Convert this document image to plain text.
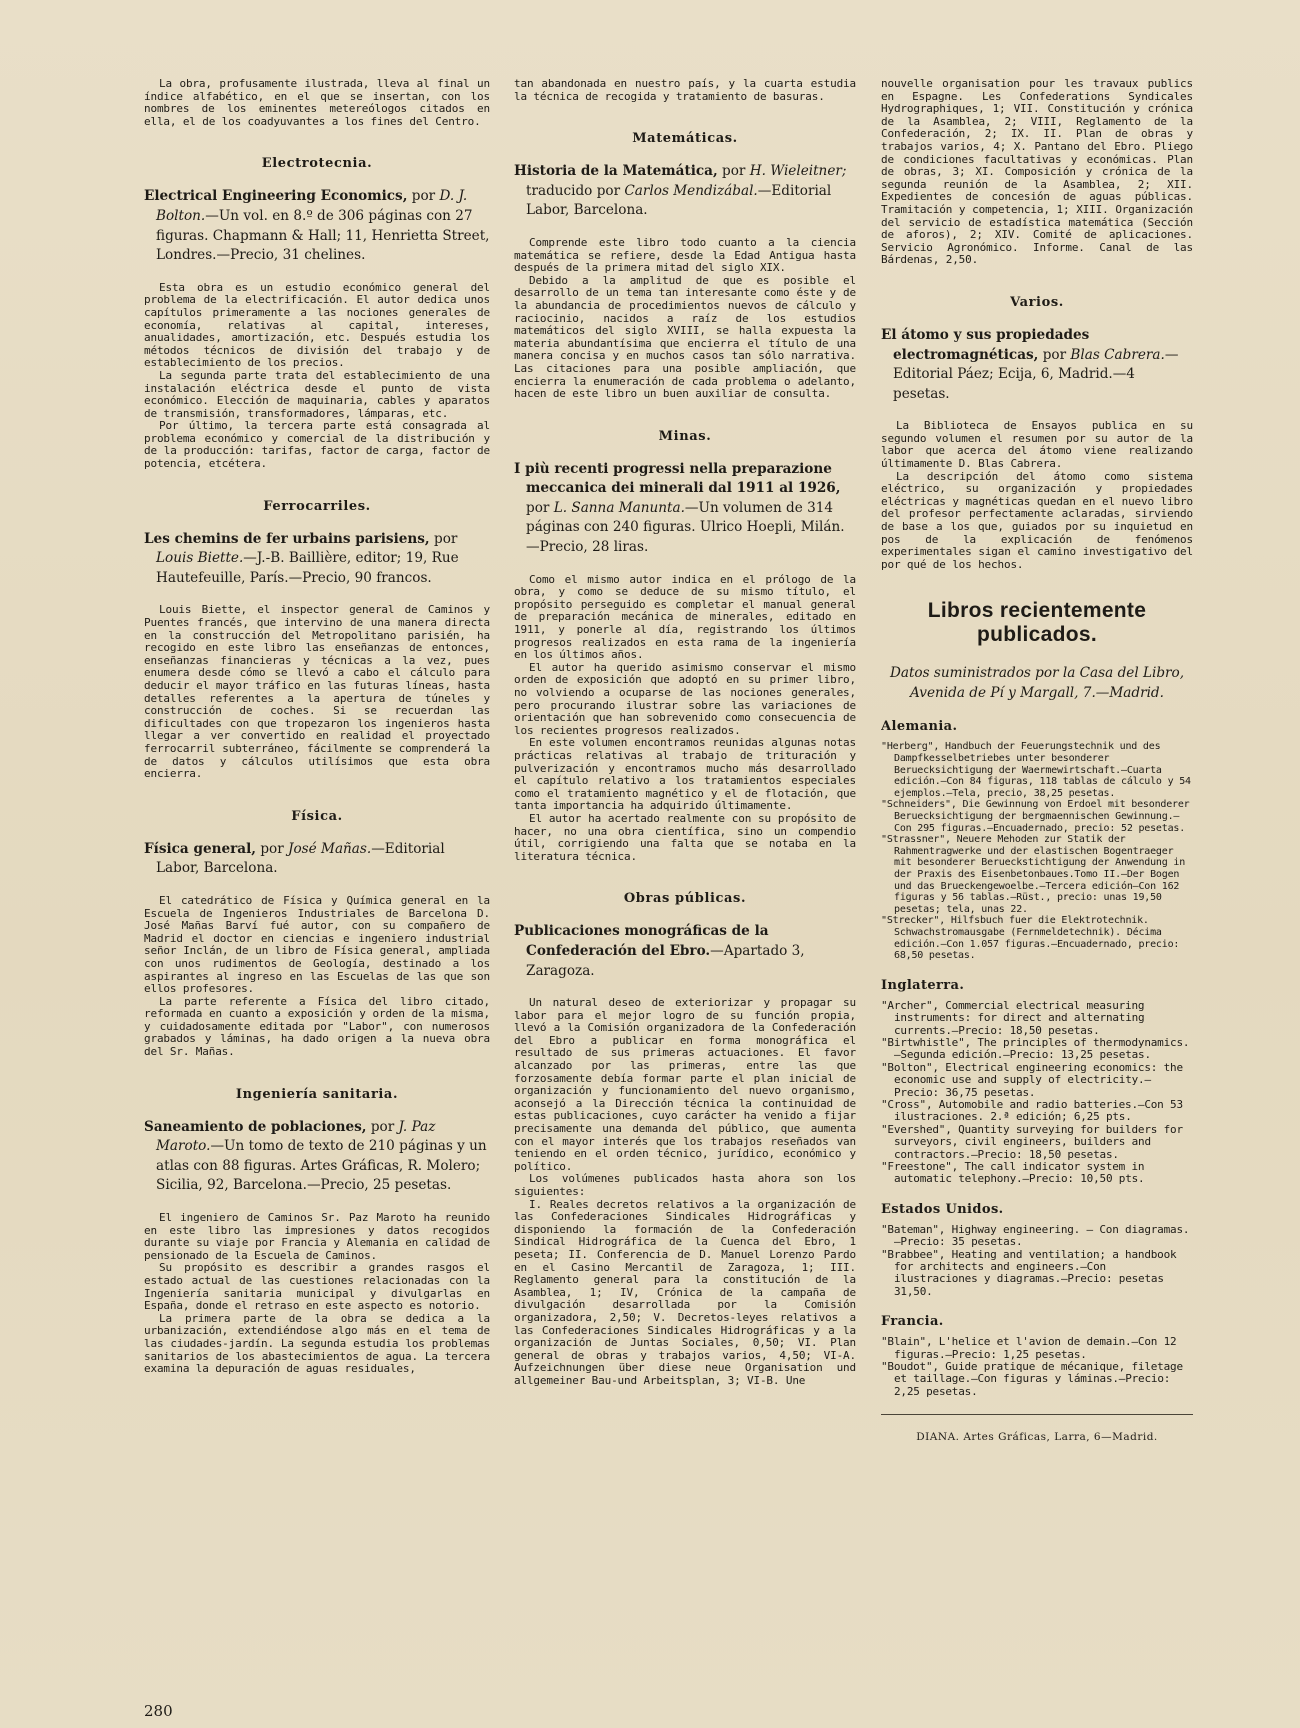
La obra, profusamente ilustrada, lleva al final un índice alfabético, en el que se insertan, con los nombres de los eminentes metereólogos citados en ella, el de los coadyuvantes a los fines del Centro.

Electrotecnia.

Electrical Engineering Economics, por D. J. Bolton.—Un vol. en 8.º de 306 páginas con 27 figuras. Chapmann & Hall; 11, Henrietta Street, Londres.—Precio, 31 chelines.

Esta obra es un estudio económico general del problema de la electrificación. El autor dedica unos capítulos primeramente a las nociones generales de economía, relativas al capital, intereses, anualidades, amortización, etc. Después estudia los métodos técnicos de división del trabajo y de establecimiento de los precios.

La segunda parte trata del establecimiento de una instalación eléctrica desde el punto de vista económico. Elección de maquinaria, cables y aparatos de transmisión, transformadores, lámparas, etc.

Por último, la tercera parte está consagrada al problema económico y comercial de la distribución y de la producción: tarifas, factor de carga, factor de potencia, etcétera.

Ferrocarriles.

Les chemins de fer urbains parisiens, por Louis Biette.—J.-B. Baillière, editor; 19, Rue Hautefeuille, París.—Precio, 90 francos.

Louis Biette, el inspector general de Caminos y Puentes francés, que intervino de una manera directa en la construcción del Metropolitano parisién, ha recogido en este libro las enseñanzas de entonces, enseñanzas financieras y técnicas a la vez, pues enumera desde cómo se llevó a cabo el cálculo para deducir el mayor tráfico en las futuras líneas, hasta detalles referentes a la apertura de túneles y construcción de coches. Si se recuerdan las dificultades con que tropezaron los ingenieros hasta llegar a ver convertido en realidad el proyectado ferrocarril subterráneo, fácilmente se comprenderá la de datos y cálculos utilísimos que esta obra encierra.

Física.

Física general, por José Mañas.—Editorial Labor, Barcelona.

El catedrático de Física y Química general en la Escuela de Ingenieros Industriales de Barcelona D. José Mañas Barví fué autor, con su compañero de Madrid el doctor en ciencias e ingeniero industrial señor Inclán, de un libro de Física general, ampliada con unos rudimentos de Geología, destinado a los aspirantes al ingreso en las Escuelas de las que son ellos profesores.

La parte referente a Física del libro citado, reformada en cuanto a exposición y orden de la misma, y cuidadosamente editada por "Labor", con numerosos grabados y láminas, ha dado origen a la nueva obra del Sr. Mañas.

Ingeniería sanitaria.

Saneamiento de poblaciones, por J. Paz Maroto.—Un tomo de texto de 210 páginas y un atlas con 88 figuras. Artes Gráficas, R. Molero; Sicilia, 92, Barcelona.—Precio, 25 pesetas.

El ingeniero de Caminos Sr. Paz Maroto ha reunido en este libro las impresiones y datos recogidos durante su viaje por Francia y Alemania en calidad de pensionado de la Escuela de Caminos.

Su propósito es describir a grandes rasgos el estado actual de las cuestiones relacionadas con la Ingeniería sanitaria municipal y divulgarlas en España, donde el retraso en este aspecto es notorio.

La primera parte de la obra se dedica a la urbanización, extendiéndose algo más en el tema de las ciudades-jardín. La segunda estudia los problemas sanitarios de los abastecimientos de agua. La tercera examina la depuración de aguas residuales,

tan abandonada en nuestro país, y la cuarta estudia la técnica de recogida y tratamiento de basuras.

Matemáticas.

Historia de la Matemática, por H. Wieleitner; traducido por Carlos Mendizábal.—Editorial Labor, Barcelona.

Comprende este libro todo cuanto a la ciencia matemática se refiere, desde la Edad Antigua hasta después de la primera mitad del siglo XIX.

Debido a la amplitud de que es posible el desarrollo de un tema tan interesante como éste y de la abundancia de procedimientos nuevos de cálculo y raciocinio, nacidos a raíz de los estudios matemáticos del siglo XVIII, se halla expuesta la materia abundantísima que encierra el título de una manera concisa y en muchos casos tan sólo narrativa. Las citaciones para una posible ampliación, que encierra la enumeración de cada problema o adelanto, hacen de este libro un buen auxiliar de consulta.

Minas.

I più recenti progressi nella preparazione meccanica dei minerali dal 1911 al 1926, por L. Sanna Manunta.—Un volumen de 314 páginas con 240 figuras. Ulrico Hoepli, Milán.—Precio, 28 liras.

Como el mismo autor indica en el prólogo de la obra, y como se deduce de su mismo título, el propósito perseguido es completar el manual general de preparación mecánica de minerales, editado en 1911, y ponerle al día, registrando los últimos progresos realizados en esta rama de la ingeniería en los últimos años.

El autor ha querido asimismo conservar el mismo orden de exposición que adoptó en su primer libro, no volviendo a ocuparse de las nociones generales, pero procurando ilustrar sobre las variaciones de orientación que han sobrevenido como consecuencia de los recientes progresos realizados.

En este volumen encontramos reunidas algunas notas prácticas relativas al trabajo de trituración y pulverización y encontramos mucho más desarrollado el capítulo relativo a los tratamientos especiales como el tratamiento magnético y el de flotación, que tanta importancia ha adquirido últimamente.

El autor ha acertado realmente con su propósito de hacer, no una obra científica, sino un compendio útil, corrigiendo una falta que se notaba en la literatura técnica.

Obras públicas.

Publicaciones monográficas de la Confederación del Ebro.—Apartado 3, Zaragoza.

Un natural deseo de exteriorizar y propagar su labor para el mejor logro de su función propia, llevó a la Comisión organizadora de la Confederación del Ebro a publicar en forma monográfica el resultado de sus primeras actuaciones. El favor alcanzado por las primeras, entre las que forzosamente debía formar parte el plan inicial de organización y funcionamiento del nuevo organismo, aconsejó a la Dirección técnica la continuidad de estas publicaciones, cuyo carácter ha venido a fijar precisamente una demanda del público, que aumenta con el mayor interés que los trabajos reseñados van teniendo en el orden técnico, jurídico, económico y político.

Los volúmenes publicados hasta ahora son los siguientes:

I. Reales decretos relativos a la organización de las Confederaciones Sindicales Hidrográficas y disponiendo la formación de la Confederación Sindical Hidrográfica de la Cuenca del Ebro, 1 peseta; II. Conferencia de D. Manuel Lorenzo Pardo en el Casino Mercantil de Zaragoza, 1; III. Reglamento general para la constitución de la Asamblea, 1; IV, Crónica de la campaña de divulgación desarrollada por la Comisión organizadora, 2,50; V. Decretos-leyes relativos a las Confederaciones Sindicales Hidrográficas y a la organización de Juntas Sociales, 0,50; VI. Plan general de obras y trabajos varios, 4,50; VI-A. Aufzeichnungen über diese neue Organisation und allgemeiner Bau-und Arbeitsplan, 3; VI-B. Une

nouvelle organisation pour les travaux publics en Espagne. Les Confederations Syndicales Hydrographiques, 1; VII. Constitución y crónica de la Asamblea, 2; VIII, Reglamento de la Confederación, 2; IX. II. Plan de obras y trabajos varios, 4; X. Pantano del Ebro. Pliego de condiciones facultativas y económicas. Plan de obras, 3; XI. Composición y crónica de la segunda reunión de la Asamblea, 2; XII. Expedientes de concesión de aguas públicas. Tramitación y competencia, 1; XIII. Organización del servicio de estadística matemática (Sección de aforos), 2; XIV. Comité de aplicaciones. Servicio Agronómico. Informe. Canal de las Bárdenas, 2,50.

Varios.

El átomo y sus propiedades electromagnéticas, por Blas Cabrera.—Editorial Páez; Ecija, 6, Madrid.—4 pesetas.

La Biblioteca de Ensayos publica en su segundo volumen el resumen por su autor de la labor que acerca del átomo viene realizando últimamente D. Blas Cabrera.

La descripción del átomo como sistema eléctrico, su organización y propiedades eléctricas y magnéticas quedan en el nuevo libro del profesor perfectamente aclaradas, sirviendo de base a los que, guiados por su inquietud en pos de la explicación de fenómenos experimentales sigan el camino investigativo del por qué de los hechos.

Libros recientemente publicados.

Datos suministrados por la Casa del Libro, Avenida de Pí y Margall, 7.—Madrid.

Alemania.

"Herberg", Handbuch der Feuerungstechnik und des Dampfkesselbetriebes unter besonderer Beruecksichtigung der Waermewirtschaft.—Cuarta edición.—Con 84 figuras, 118 tablas de cálculo y 54 ejemplos.—Tela, precio, 38,25 pesetas.

"Schneiders", Die Gewinnung von Erdoel mit besonderer Beruecksichtigung der bergmaennischen Gewinnung.—Con 295 figuras.—Encuadernado, precio: 52 pesetas.

"Strassner", Neuere Mehoden zur Statik der Rahmentragwerke und der elastischen Bogentraeger mit besonderer Berueckstichtigung der Anwendung in der Praxis des Eisenbetonbaues.Tomo II.—Der Bogen und das Brueckengewoelbe.—Tercera edición—Con 162 figuras y 56 tablas.—Rüst., precio: unas 19,50 pesetas; tela, unas 22.

"Strecker", Hilfsbuch fuer die Elektrotechnik. Schwachstromausgabe (Fernmeldetechnik). Décima edición.—Con 1.057 figuras.—Encuadernado, precio: 68,50 pesetas.

Inglaterra.

"Archer", Commercial electrical measuring instruments: for direct and alternating currents.—Precio: 18,50 pesetas.

"Birtwhistle", The principles of thermodynamics.—Segunda edición.—Precio: 13,25 pesetas.

"Bolton", Electrical engineering economics: the economic use and supply of electricity.—Precio: 36,75 pesetas.

"Cross", Automobile and radio batteries.—Con 53 ilustraciones. 2.ª edición; 6,25 pts.

"Evershed", Quantity surveying for builders for surveyors, civil engineers, builders and contractors.—Precio: 18,50 pesetas.

"Freestone", The call indicator system in automatic telephony.—Precio: 10,50 pts.

Estados Unidos.

"Bateman", Highway engineering. — Con diagramas.—Precio: 35 pesetas.

"Brabbee", Heating and ventilation; a handbook for architects and engineers.—Con ilustraciones y diagramas.—Precio: pesetas 31,50.

Francia.

"Blain", L'helice et l'avion de demain.—Con 12 figuras.—Precio: 1,25 pesetas.

"Boudot", Guide pratique de mécanique, filetage et taillage.—Con figuras y láminas.—Precio: 2,25 pesetas.

DIANA. Artes Gráficas, Larra, 6—Madrid.

280
